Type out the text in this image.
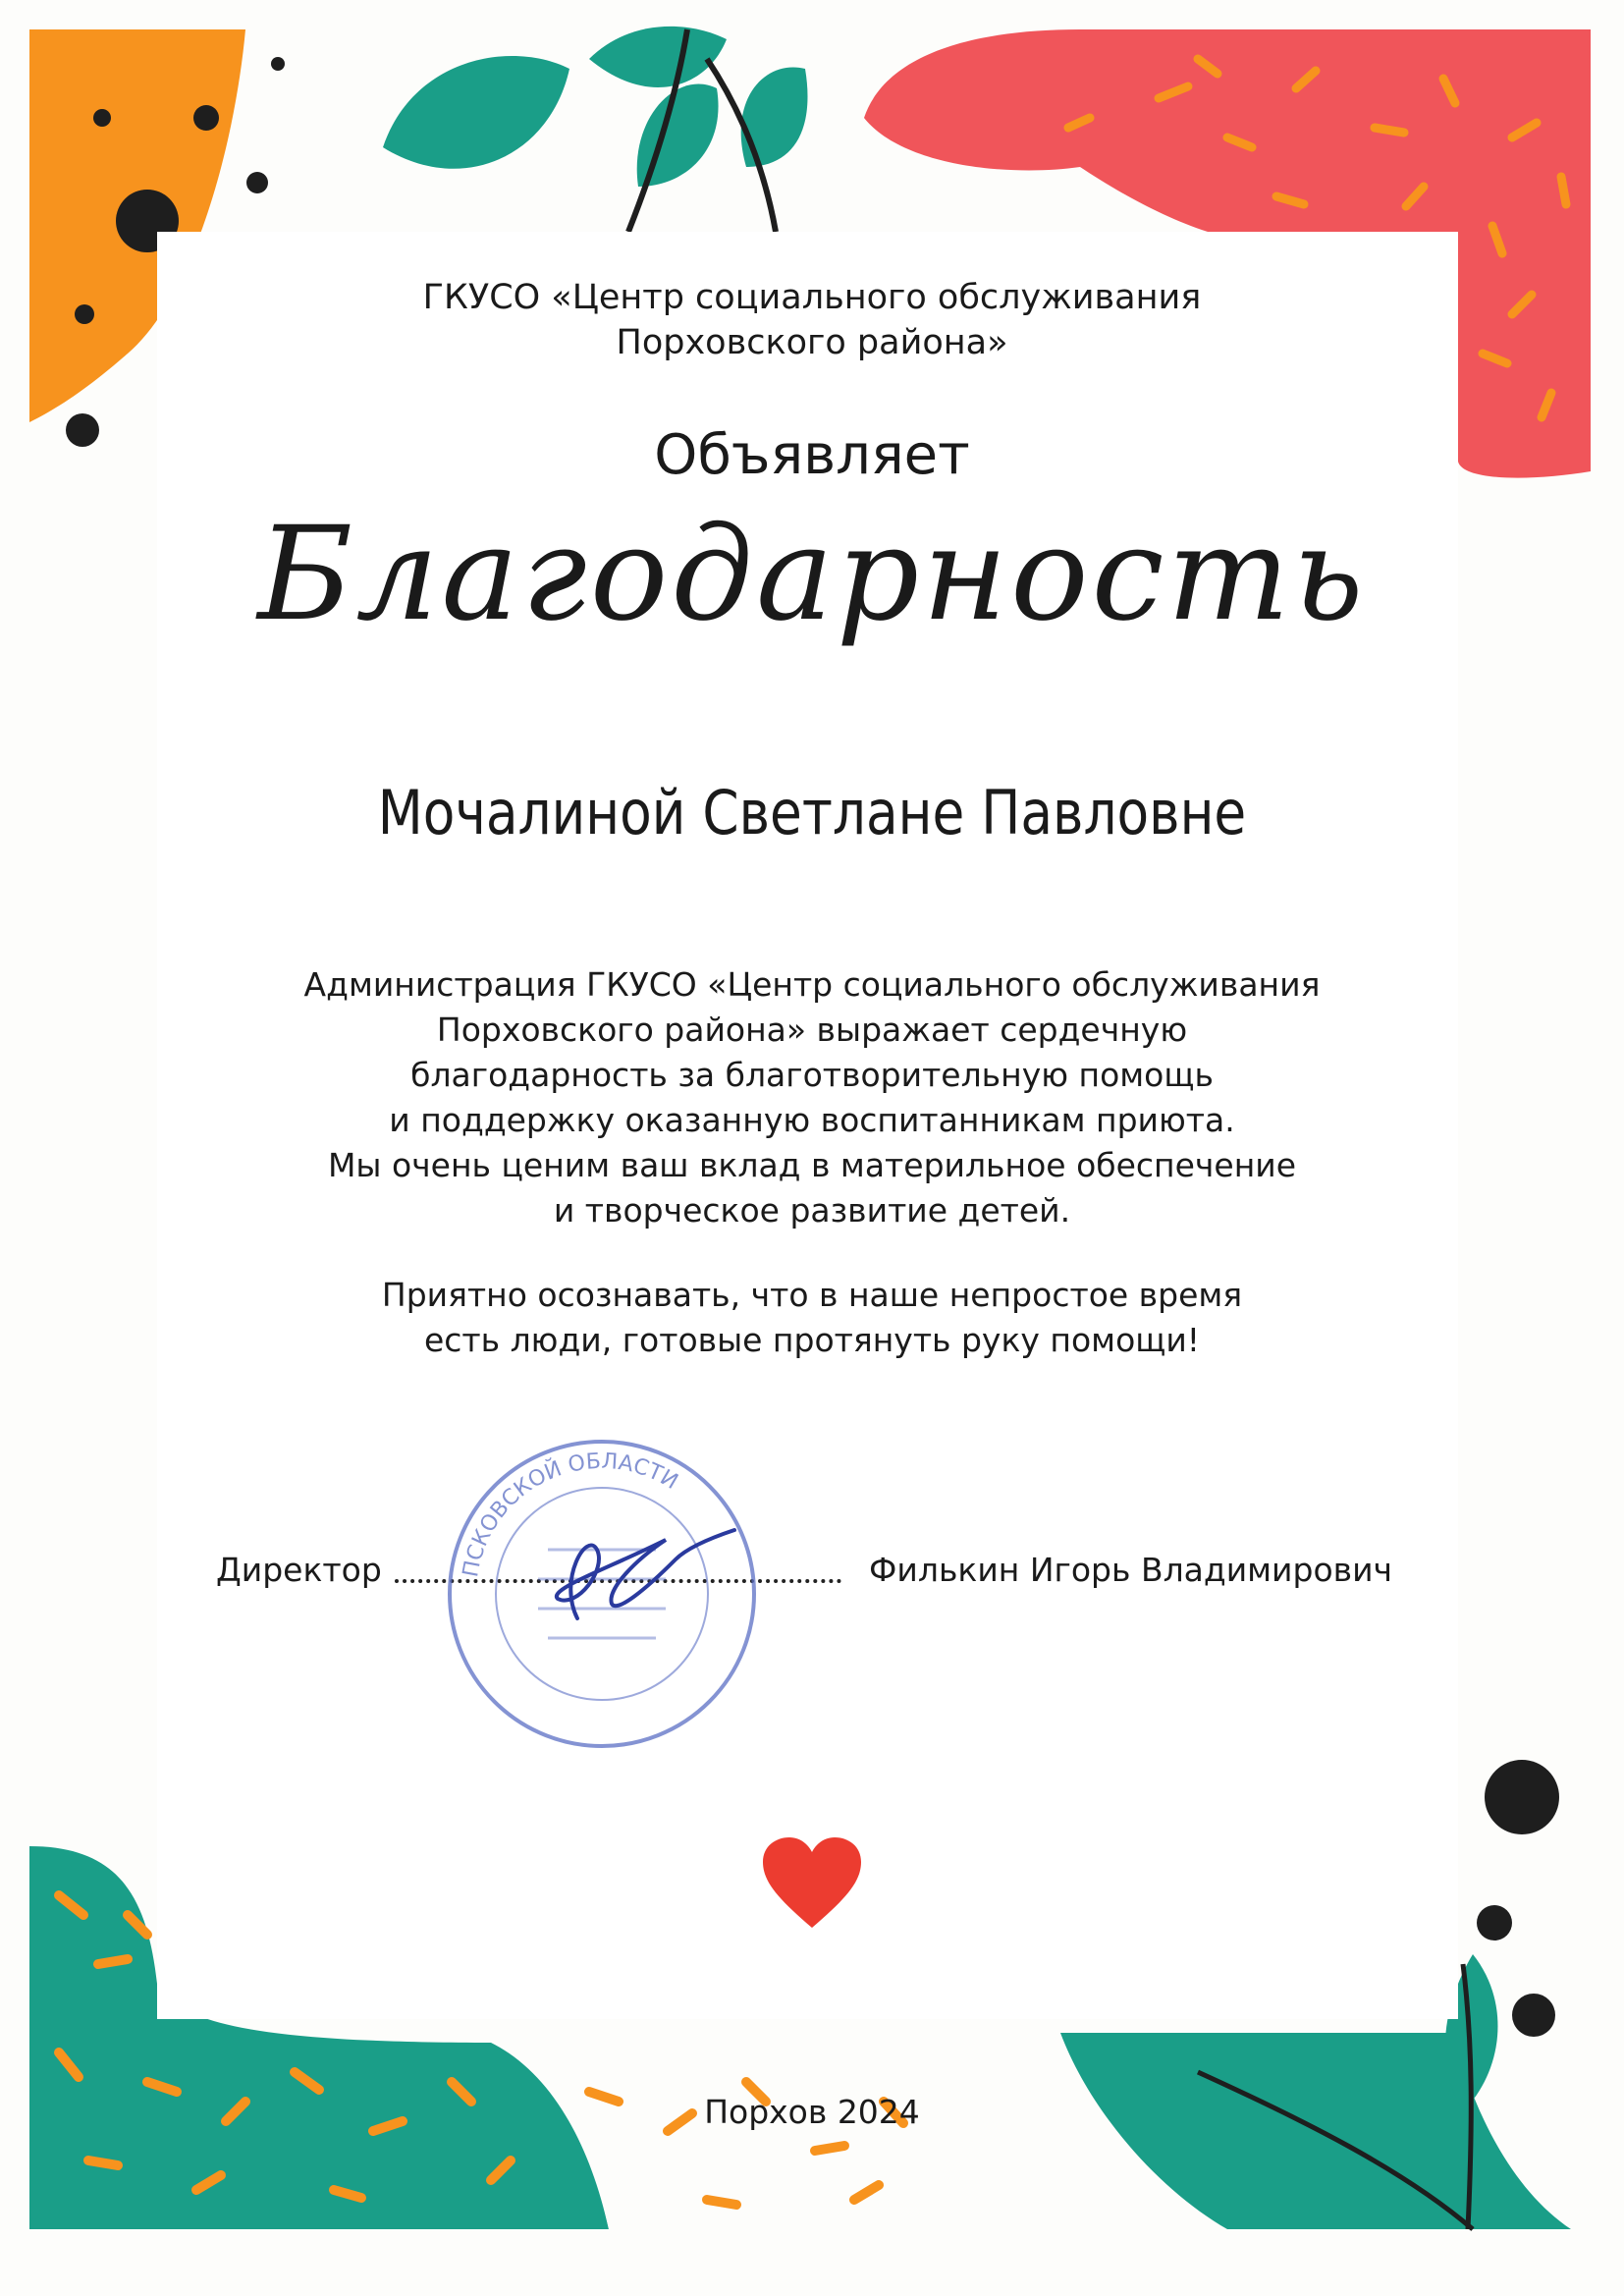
ГКУСО «Центр социального обслуживания
Порховского района»
Объявляет
Благодарность
Мочалиной Светлане Павловне
Администрация ГКУСО «Центр социального обслуживания
Порховского района» выражает сердечную
благодарность за благотворительную помощь
и поддержку оказанную воспитанникам приюта.
Мы очень ценим ваш вклад в материльное обеспечение
и творческое развитие детей.
Приятно осознавать, что в наше непростое время
есть люди, готовые протянуть руку помощи!
Директор	Филькин Игорь Владимирович
ПСКОВСКОЙ ОБЛАСТИ
Порхов 2024
